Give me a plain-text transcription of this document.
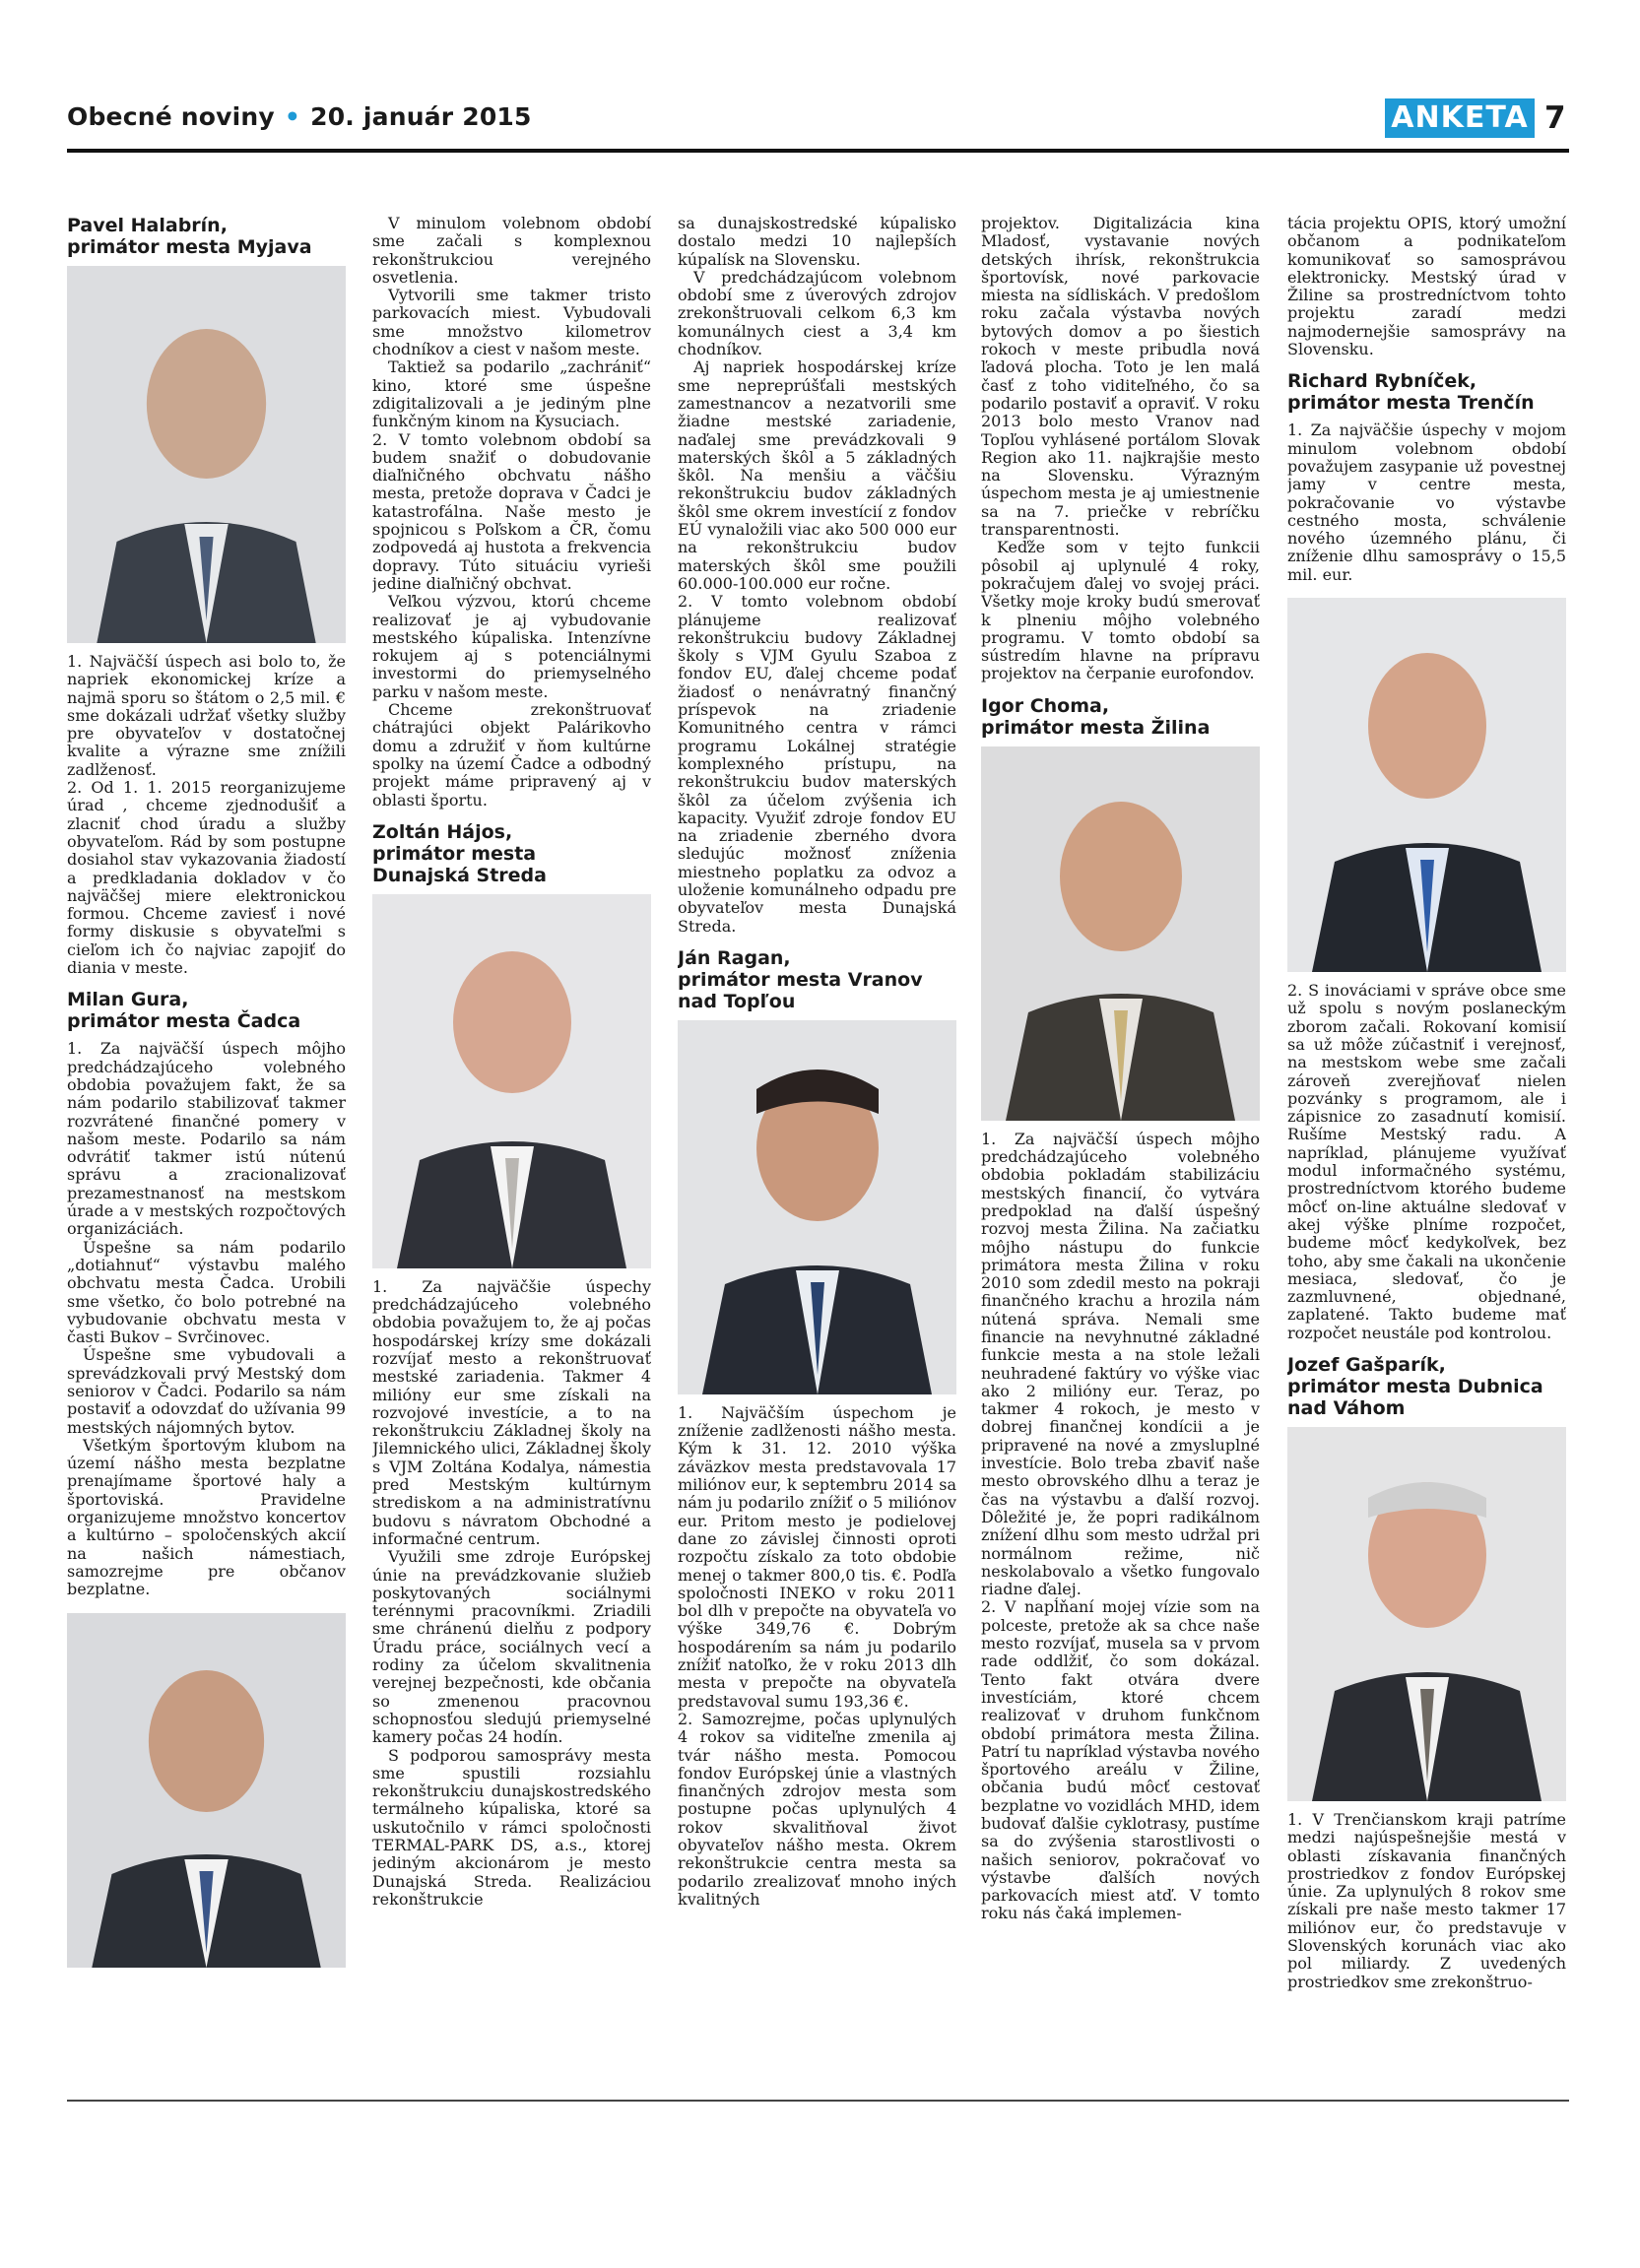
Obecné noviny • 20. január 2015	ANKETA 7
Pavel Halabrín,
primátor mesta Myjava

1. Najväčší úspech asi bolo to, že napriek ekonomickej kríze a najmä sporu so štátom o 2,5 mil. € sme dokázali udržať všetky služby pre obyvateľov v dostatočnej kvalite a výrazne sme znížili zadlženosť.

2. Od 1. 1. 2015 reorganizujeme úrad , chceme zjednodušiť a zlacniť chod úradu a služby obyvateľom. Rád by som postupne dosiahol stav vykazovania žiadostí a predkladania dokladov v čo najväčšej miere elektronickou formou. Chceme zaviesť i nové formy diskusie s obyvateľmi s cieľom ich čo najviac zapojiť do diania v meste.

Milan Gura,
primátor mesta Čadca

1. Za najväčší úspech môjho predchádzajúceho volebného obdobia považujem fakt, že sa nám podarilo stabilizovať takmer rozvrátené finančné pomery v našom meste. Podarilo sa nám odvrátiť takmer istú nútenú správu a zracionalizovať prezamestnanosť na mestskom úrade a v mestských rozpočtových organizáciách.

Úspešne sa nám podarilo „dotiahnuť“ výstavbu malého obchvatu mesta Čadca. Urobili sme všetko, čo bolo potrebné na vybudovanie obchvatu mesta v časti Bukov – Svrčinovec.

Úspešne sme vybudovali a sprevádzkovali prvý Mestský dom seniorov v Čadci. Podarilo sa nám postaviť a odovzdať do užívania 99 mestských nájomných bytov.

Všetkým športovým klubom na území nášho mesta bezplatne prenajímame športové haly a športoviská. Pravidelne organizujeme množstvo koncertov a kultúrno – spoločenských akcií na našich námestiach, samozrejme pre občanov bezplatne.

V minulom volebnom období sme začali s komplexnou rekonštrukciou verejného osvetlenia.

Vytvorili sme takmer tristo parkovacích miest. Vybudovali sme množstvo kilometrov chodníkov a ciest v našom meste.

Taktiež sa podarilo „zachrániť“ kino, ktoré sme úspešne zdigitalizovali a je jediným plne funkčným kinom na Kysuciach.

2. V tomto volebnom období sa budem snažiť o dobudovanie diaľničného obchvatu nášho mesta, pretože doprava v Čadci je katastrofálna. Naše mesto je spojnicou s Poľskom a ČR, čomu zodpovedá aj hustota a frekvencia dopravy. Túto situáciu vyrieši jedine diaľničný obchvat.

Veľkou výzvou, ktorú chceme realizovať je aj vybudovanie mestského kúpaliska. Intenzívne rokujem aj s potenciálnymi investormi do priemyselného parku v našom meste.

Chceme zrekonštruovať chátrajúci objekt Palárikovho domu a združiť v ňom kultúrne spolky na území Čadce a odbodný projekt máme pripravený aj v oblasti športu.

Zoltán Hájos,
primátor mesta Dunajská Streda

1. Za najväčšie úspechy predchádzajúceho volebného obdobia považujem to, že aj počas hospodárskej krízy sme dokázali rozvíjať mesto a rekonštruovať mestské zariadenia. Takmer 4 milióny eur sme získali na rozvojové investície, a to na rekonštrukciu Základnej školy na Jilemnického ulici, Základnej školy s VJM Zoltána Kodalya, námestia pred Mestským kultúrnym strediskom a na administratívnu budovu s návratom Obchodné a informačné centrum.

Využili sme zdroje Európskej únie na prevádzkovanie služieb poskytovaných sociálnymi terénnymi pracovníkmi. Zriadili sme chránenú dielňu z podpory Úradu práce, sociálnych vecí a rodiny za účelom skvalitnenia verejnej bezpečnosti, kde občania so zmenenou pracovnou schopnosťou sledujú priemyselné kamery počas 24 hodín.

S podporou samosprávy mesta sme spustili rozsiahlu rekonštrukciu dunajskostredského termálneho kúpaliska, ktoré sa uskutočnilo v rámci spoločnosti TERMAL-PARK DS, a.s., ktorej jediným akcionárom je mesto Dunajská Streda. Realizáciou rekonštrukcie

sa dunajskostredské kúpalisko dostalo medzi 10 najlepších kúpalísk na Slovensku.

V predchádzajúcom volebnom období sme z úverových zdrojov zrekonštruovali celkom 6,3 km komunálnych ciest a 3,4 km chodníkov.

Aj napriek hospodárskej kríze sme nepreprúšťali mestských zamestnancov a nezatvorili sme žiadne mestské zariadenie, naďalej sme prevádzkovali 9 materských škôl a 5 základných škôl. Na menšiu a väčšiu rekonštrukciu budov základných škôl sme okrem investícií z fondov EÚ vynaložili viac ako 500 000 eur na rekonštrukciu budov materských škôl sme použili 60.000-100.000 eur ročne.

2. V tomto volebnom období plánujeme realizovať rekonštrukciu budovy Základnej školy s VJM Gyulu Szaboa z fondov EU, ďalej chceme podať žiadosť o nenávratný finančný príspevok na zriadenie Komunitného centra v rámci programu Lokálnej stratégie komplexného prístupu, na rekonštrukciu budov materských škôl za účelom zvýšenia ich kapacity. Využiť zdroje fondov EU na zriadenie zberného dvora sledujúc možnosť zníženia miestneho poplatku za odvoz a uloženie komunálneho odpadu pre obyvateľov mesta Dunajská Streda.

Ján Ragan,
primátor mesta Vranov nad Topľou

1. Najväčším úspechom je zníženie zadlženosti nášho mesta. Kým k 31. 12. 2010 výška záväzkov mesta predstavovala 17 miliónov eur, k septembru 2014 sa nám ju podarilo znížiť o 5 miliónov eur. Pritom mesto je podielovej dane zo závislej činnosti oproti rozpočtu získalo za toto obdobie menej o takmer 800,0 tis. €. Podľa spoločnosti INEKO v roku 2011 bol dlh v prepočte na obyvateľa vo výške 349,76 €. Dobrým hospodárením sa nám ju podarilo znížiť natoľko, že v roku 2013 dlh mesta v prepočte na obyvateľa predstavoval sumu 193,36 €.

2. Samozrejme, počas uplynulých 4 rokov sa viditeľne zmenila aj tvár nášho mesta. Pomocou fondov Európskej únie a vlastných finančných zdrojov mesta som postupne počas uplynulých 4 rokov skvalitňoval život obyvateľov nášho mesta. Okrem rekonštrukcie centra mesta sa podarilo zrealizovať mnoho iných kvalitných

projektov. Digitalizácia kina Mladosť, vystavanie nových detských ihrísk, rekonštrukcia športovísk, nové parkovacie miesta na sídliskách. V predošlom roku začala výstavba nových bytových domov a po šiestich rokoch v meste pribudla nová ľadová plocha. Toto je len malá časť z toho viditeľného, čo sa podarilo postaviť a opraviť. V roku 2013 bolo mesto Vranov nad Topľou vyhlásené portálom Slovak Region ako 11. najkrajšie mesto na Slovensku. Výrazným úspechom mesta je aj umiestnenie sa na 7. priečke v rebríčku transparentnosti.

Keďže som v tejto funkcii pôsobil aj uplynulé 4 roky, pokračujem ďalej vo svojej práci. Všetky moje kroky budú smerovať k plneniu môjho volebného programu. V tomto období sa sústredím hlavne na prípravu projektov na čerpanie eurofondov.

Igor Choma,
primátor mesta Žilina

1. Za najväčší úspech môjho predchádzajúceho volebného obdobia pokladám stabilizáciu mestských financií, čo vytvára predpoklad na ďalší úspešný rozvoj mesta Žilina. Na začiatku môjho nástupu do funkcie primátora mesta Žilina v roku 2010 som zdedil mesto na pokraji finančného krachu a hrozila nám nútená správa. Nemali sme financie na nevyhnutné základné funkcie mesta a na stole ležali neuhradené faktúry vo výške viac ako 2 milióny eur. Teraz, po takmer 4 rokoch, je mesto v dobrej finančnej kondícii a je pripravené na nové a zmysluplné investície. Bolo treba zbaviť naše mesto obrovského dlhu a teraz je čas na výstavbu a ďalší rozvoj. Dôležité je, že popri radikálnom znížení dlhu som mesto udržal pri normálnom režime, nič neskolabovalo a všetko fungovalo riadne ďalej.

2. V napĺňaní mojej vízie som na polceste, pretože ak sa chce naše mesto rozvíjať, musela sa v prvom rade oddlžiť, čo som dokázal. Tento fakt otvára dvere investíciám, ktoré chcem realizovať v druhom funkčnom období primátora mesta Žilina. Patrí tu napríklad výstavba nového športového areálu v Žiline, občania budú môcť cestovať bezplatne vo vozidlách MHD, idem budovať ďalšie cyklotrasy, pustíme sa do zvýšenia starostlivosti o našich seniorov, pokračovať vo výstavbe ďalších nových parkovacích miest atď. V tomto roku nás čaká implemen-

tácia projektu OPIS, ktorý umožní občanom a podnikateľom komunikovať so samosprávou elektronicky. Mestský úrad v Žiline sa prostredníctvom tohto projektu zaradí medzi najmodernejšie samosprávy na Slovensku.

Richard Rybníček,
primátor mesta Trenčín

1. Za najväčšie úspechy v mojom minulom volebnom období považujem zasypanie už povestnej jamy v centre mesta, pokračovanie vo výstavbe cestného mosta, schválenie nového územného plánu, či zníženie dlhu samosprávy o 15,5 mil. eur.

2. S inováciami v správe obce sme už spolu s novým poslaneckým zborom začali. Rokovaní komisií sa už môže zúčastniť i verejnosť, na mestskom webe sme začali zároveň zverejňovať nielen pozvánky s programom, ale i zápisnice zo zasadnutí komisií. Rušíme Mestský radu. A napríklad, plánujeme využívať modul informačného systému, prostredníctvom ktorého budeme môcť on-line aktuálne sledovať v akej výške plníme rozpočet, budeme môcť kedykoľvek, bez toho, aby sme čakali na ukončenie mesiaca, sledovať, čo je zazmluvnené, objednané, zaplatené. Takto budeme mať rozpočet neustále pod kontrolou.

Jozef Gašparík,
primátor mesta Dubnica nad Váhom

1. V Trenčianskom kraji patríme medzi najúspešnejšie mestá v oblasti získavania finančných prostriedkov z fondov Európskej únie. Za uplynulých 8 rokov sme získali pre naše mesto takmer 17 miliónov eur, čo predstavuje v Slovenských korunách viac ako pol miliardy. Z uvedených prostriedkov sme zrekonštruo-
